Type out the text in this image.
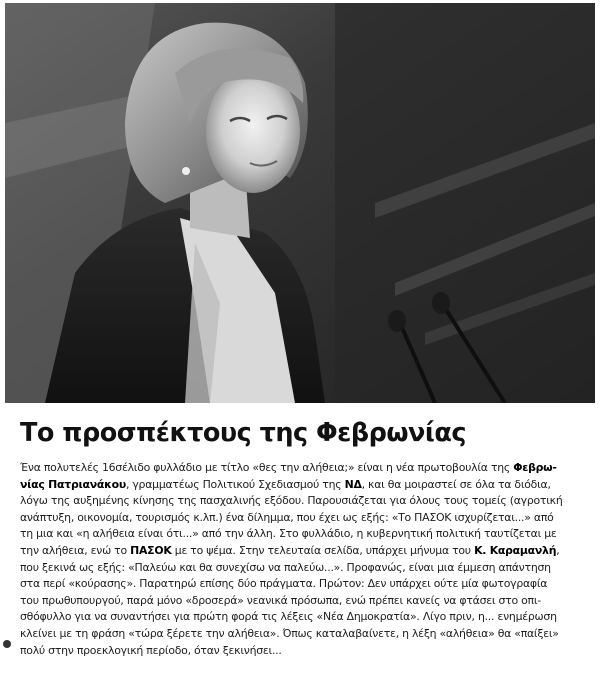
Το προσπέκτους της Φεβρωνίας
Ένα πολυτελές 16σέλιδο φυλλάδιο με τίτλο «θες την αλήθεια;» είναι η νέα πρωτοβουλία της Φεβρω-
νίας Πατριανάκου, γραμματέως Πολιτικού Σχεδιασμού της ΝΔ, και θα μοιραστεί σε όλα τα διόδια,
λόγω της αυξημένης κίνησης της πασχαλινής εξόδου. Παρουσιάζεται για όλους τους τομείς (αγροτική
ανάπτυξη, οικονομία, τουρισμός κ.λπ.) ένα δίλημμα, που έχει ως εξής: «Το ΠΑΣΟΚ ισχυρίζεται...» από
τη μια και «η αλήθεια είναι ότι...» από την άλλη. Στο φυλλάδιο, η κυβερνητική πολιτική ταυτίζεται με
την αλήθεια, ενώ το ΠΑΣΟΚ με το ψέμα. Στην τελευταία σελίδα, υπάρχει μήνυμα του Κ. Καραμανλή,
που ξεκινά ως εξής: «Παλεύω και θα συνεχίσω να παλεύω...». Προφανώς, είναι μια έμμεση απάντηση
στα περί «κούρασης». Παρατηρώ επίσης δύο πράγματα. Πρώτον: Δεν υπάρχει ούτε μία φωτογραφία
του πρωθυπουργού, παρά μόνο «δροσερά» νεανικά πρόσωπα, ενώ πρέπει κανείς να φτάσει στο οπι-
σθόφυλλο για να συναντήσει για πρώτη φορά τις λέξεις «Νέα Δημοκρατία». Λίγο πριν, η... ενημέρωση
κλείνει με τη φράση «τώρα ξέρετε την αλήθεια». Όπως καταλαβαίνετε, η λέξη «αλήθεια» θα «παίξει»
πολύ στην προεκλογική περίοδο, όταν ξεκινήσει...
